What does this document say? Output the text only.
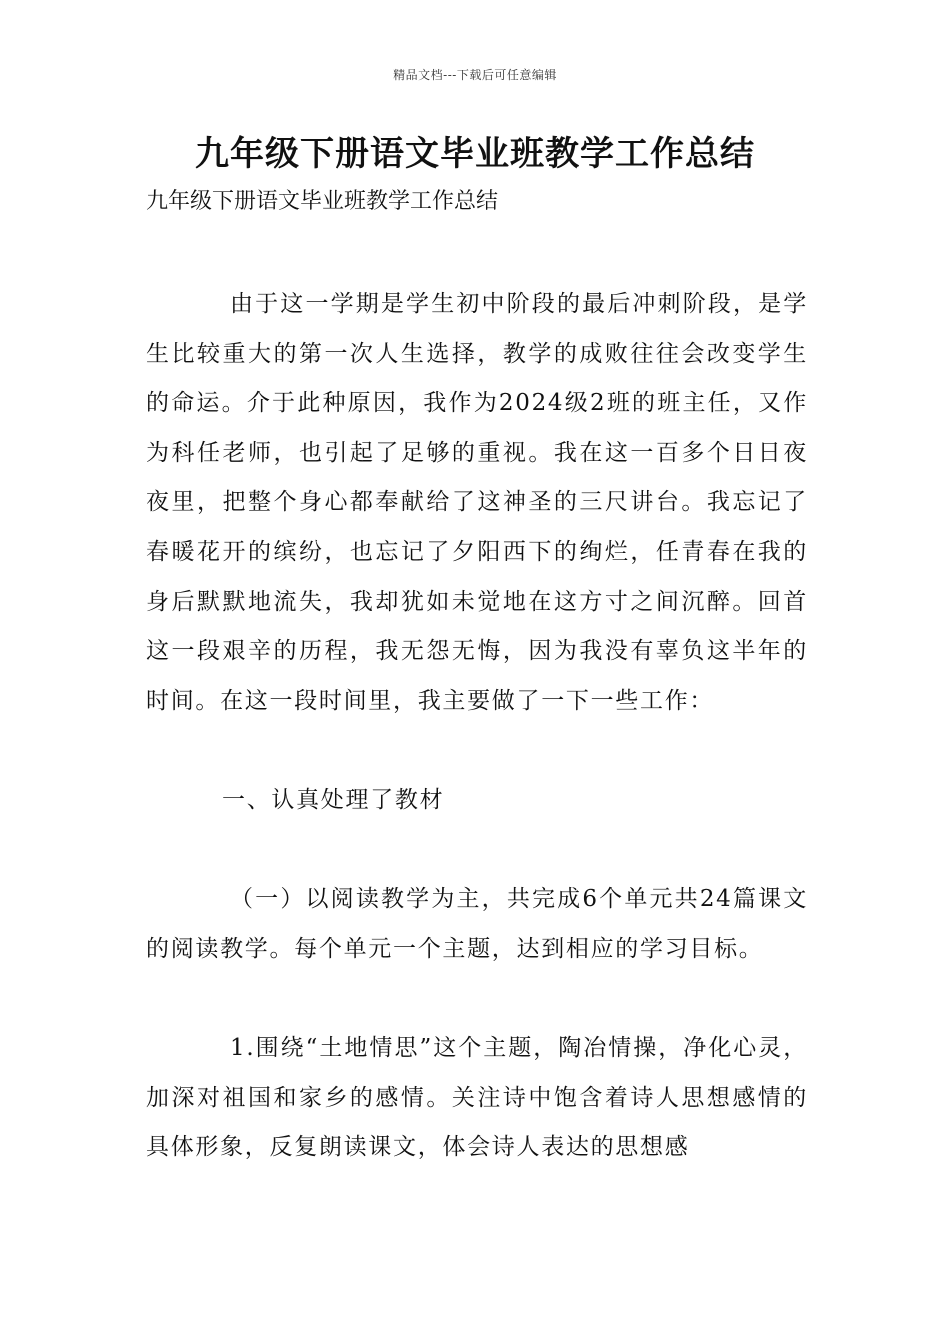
精品文档---下载后可任意编辑
九年级下册语文毕业班教学工作总结

九年级下册语文毕业班教学工作总结

由于这一学期是学生初中阶段的最后冲刺阶段，是学生比较重大的第一次人生选择，教学的成败往往会改变学生的命运。介于此种原因，我作为2024级2班的班主任，又作为科任老师，也引起了足够的重视。我在这一百多个日日夜夜里，把整个身心都奉献给了这神圣的三尺讲台。我忘记了春暖花开的缤纷，也忘记了夕阳西下的绚烂，任青春在我的身后默默地流失，我却犹如未觉地在这方寸之间沉醉。回首这一段艰辛的历程，我无怨无悔，因为我没有辜负这半年的时间。在这一段时间里，我主要做了一下一些工作：

一、认真处理了教材

（一）以阅读教学为主，共完成6个单元共24篇课文的阅读教学。每个单元一个主题，达到相应的学习目标。

1.围绕“土地情思”这个主题，陶冶情操，净化心灵，加深对祖国和家乡的感情。关注诗中饱含着诗人思想感情的具体形象，反复朗读课文，体会诗人表达的思想感
